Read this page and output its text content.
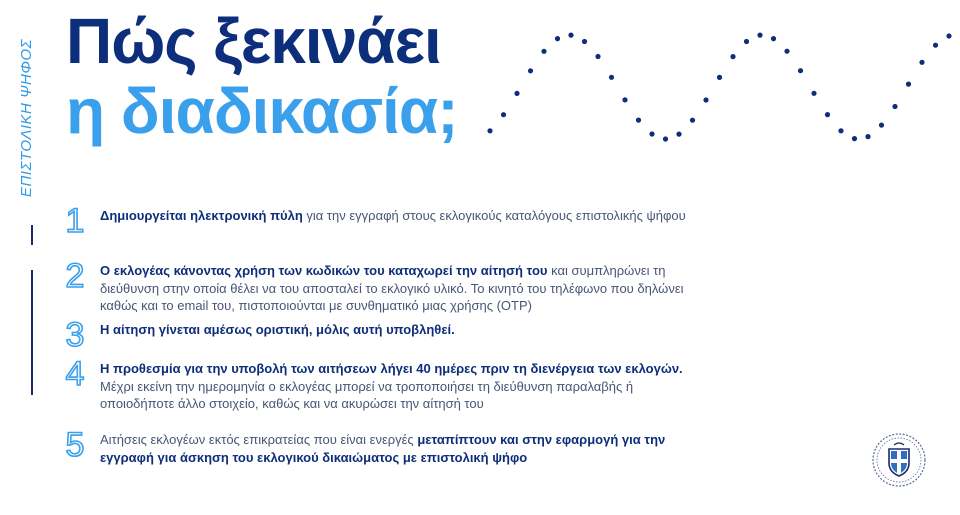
ΕΠΙΣΤΟΛΙΚΗ ΨΗΦΟΣ Πώς ξεκινάει
η διαδικασία;
1	Δημιουργείται ηλεκτρονική πύλη για την εγγραφή στους εκλογικούς καταλόγους επιστολικής ψήφου
2	Ο εκλογέας κάνοντας χρήση των κωδικών του καταχωρεί την αίτησή του και συμπληρώνει τη διεύθυνση στην οποία θέλει να του αποσταλεί το εκλογικό υλικό. Το κινητό του τηλέφωνο που δηλώνει καθώς και το email του, πιστοποιούνται με συνθηματικό μιας χρήσης (OTP)
3	Η αίτηση γίνεται αμέσως οριστική, μόλις αυτή υποβληθεί.
4	Η προθεσμία για την υποβολή των αιτήσεων λήγει 40 ημέρες πριν τη διενέργεια των εκλογών. Μέχρι εκείνη την ημερομηνία ο εκλογέας μπορεί να τροποποιήσει τη διεύθυνση παραλαβής ή οποιοδήποτε άλλο στοιχείο, καθώς και να ακυρώσει την αίτησή του
5	Αιτήσεις εκλογέων εκτός επικρατείας που είναι ενεργές μεταπίπτουν και στην εφαρμογή για την εγγραφή για άσκηση του εκλογικού δικαιώματος με επιστολική ψήφο
